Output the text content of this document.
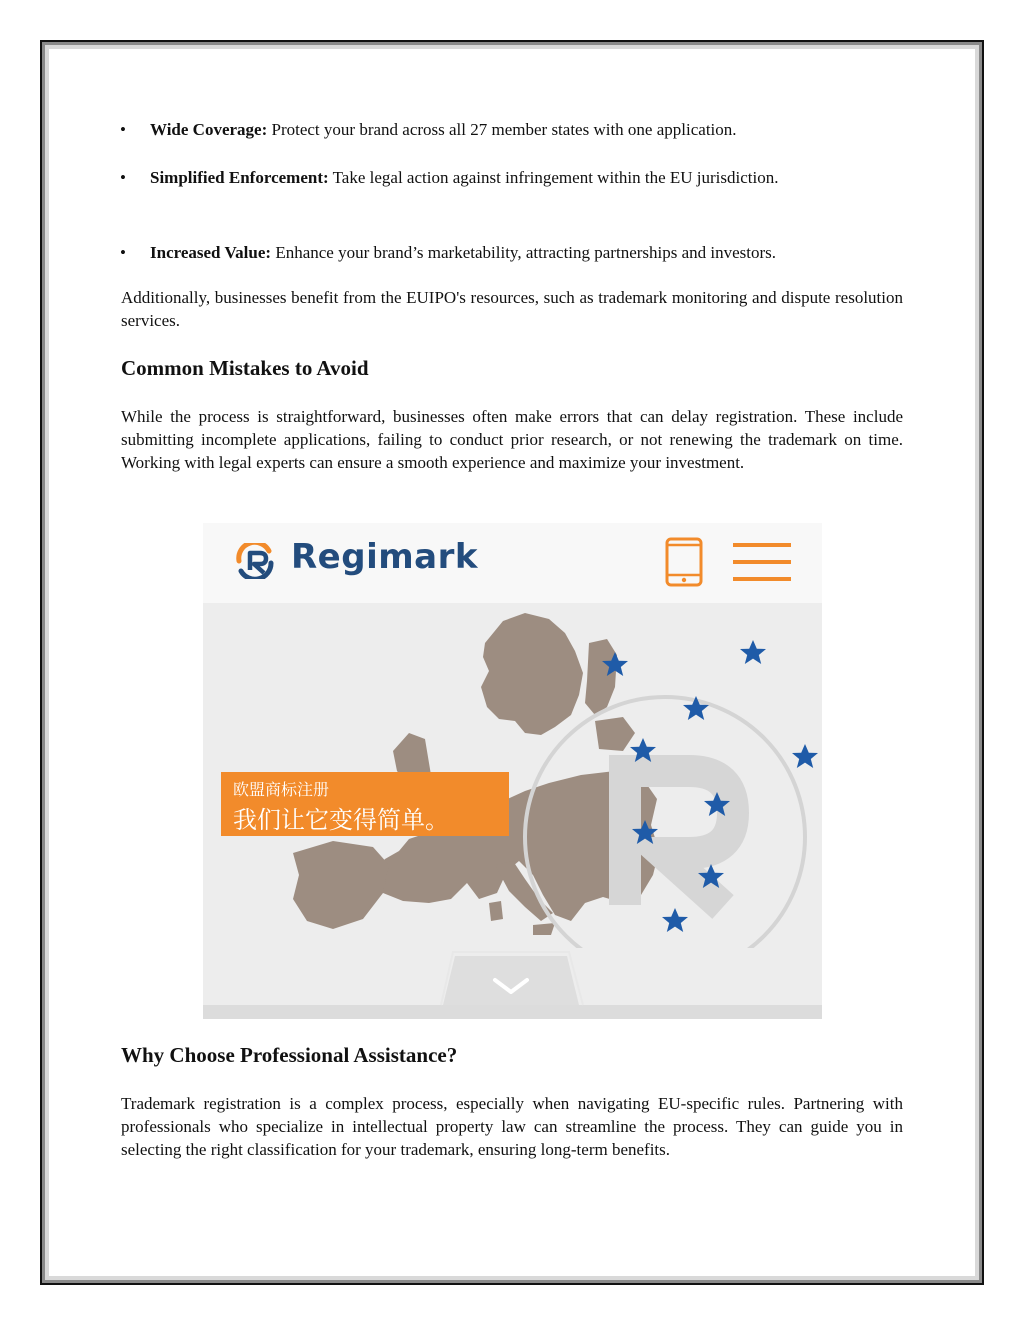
• Wide Coverage: Protect your brand across all 27 member states with one application.
• Simplified Enforcement: Take legal action against infringement within the EU jurisdiction.
• Increased Value: Enhance your brand’s marketability, attracting partnerships and investors.

Additionally, businesses benefit from the EUIPO's resources, such as trademark monitoring and dispute resolution services.

Common Mistakes to Avoid

While the process is straightforward, businesses often make errors that can delay registration. These include submitting incomplete applications, failing to conduct prior research, or not renewing the trademark on time. Working with legal experts can ensure a smooth experience and maximize your investment.

Regimark
欧盟商标注册
我们让它变得简单。
Why Choose Professional Assistance?

Trademark registration is a complex process, especially when navigating EU-specific rules. Partnering with professionals who specialize in intellectual property law can streamline the process. They can guide you in selecting the right classification for your trademark, ensuring long-term benefits.
